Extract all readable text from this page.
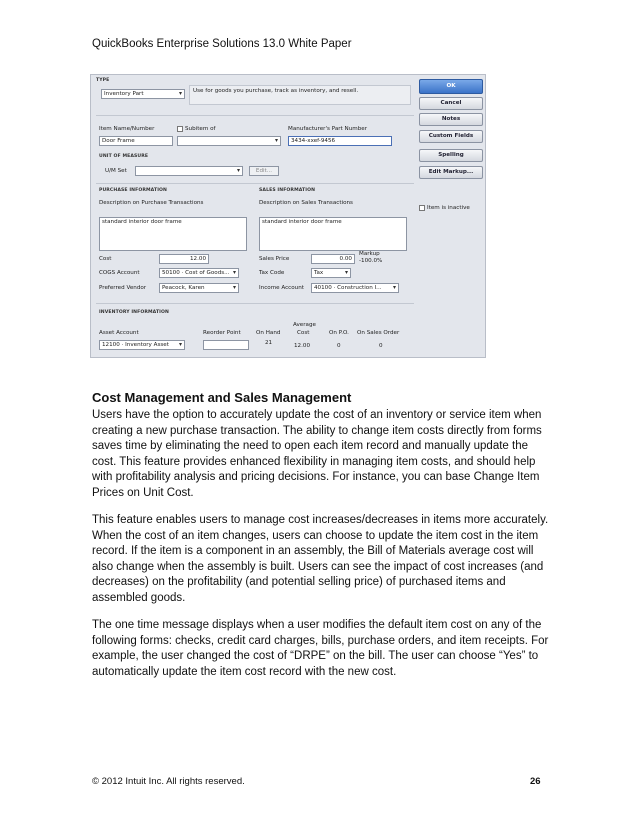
QuickBooks Enterprise Solutions 13.0 White Paper
TYPE
Inventory Part ▾	Use for goods you purchase, track as inventory, and resell.
Item Name/Number
Door Frame
Subitem of
▾	Manufacturer's Part Number
3434-xxef-9456
UNIT OF MEASURE
U/M Set
▾	Edit...
PURCHASE INFORMATION
Description on Purchase Transactions
standard interior door frame
Cost	12.00
COGS Account	50100 · Cost of Goods... ▾
Preferred Vendor	Peacock, Karen ▾
SALES INFORMATION
Description on Sales Transactions
standard interior door frame
Sales Price	0.00
Markup
-100.0%
Tax Code	Tax ▾
Income Account	40100 · Construction I... ▾
INVENTORY INFORMATION
Asset Account
12100 · Inventory Asset ▾
Reorder Point	On Hand
21
Average
Cost
12.00
On P.O.
0
On Sales Order
0
OK
Cancel
Notes
Custom Fields
Spelling
Edit Markup...
Item is inactive
Cost Management and Sales Management

Users have the option to accurately update the cost of an inventory or service item when creating a new purchase transaction. The ability to change item costs directly from forms saves time by eliminating the need to open each item record and manually update the cost. This feature provides enhanced flexibility in managing item costs, and should help with profitability analysis and pricing decisions. For instance, you can base Change Item Prices on Unit Cost.

This feature enables users to manage cost increases/decreases in items more accurately. When the cost of an item changes, users can choose to update the item cost in the item record. If the item is a component in an assembly, the Bill of Materials average cost will also change when the assembly is built. Users can see the impact of cost increases (and decreases) on the profitability (and potential selling price) of purchased items and assembled goods.

The one time message displays when a user modifies the default item cost on any of the following forms: checks, credit card charges, bills, purchase orders, and item receipts. For example, the user changed the cost of “DRPE” on the bill. The user can choose “Yes” to automatically update the item cost record with the new cost.

© 2012 Intuit Inc. All rights reserved.	26
